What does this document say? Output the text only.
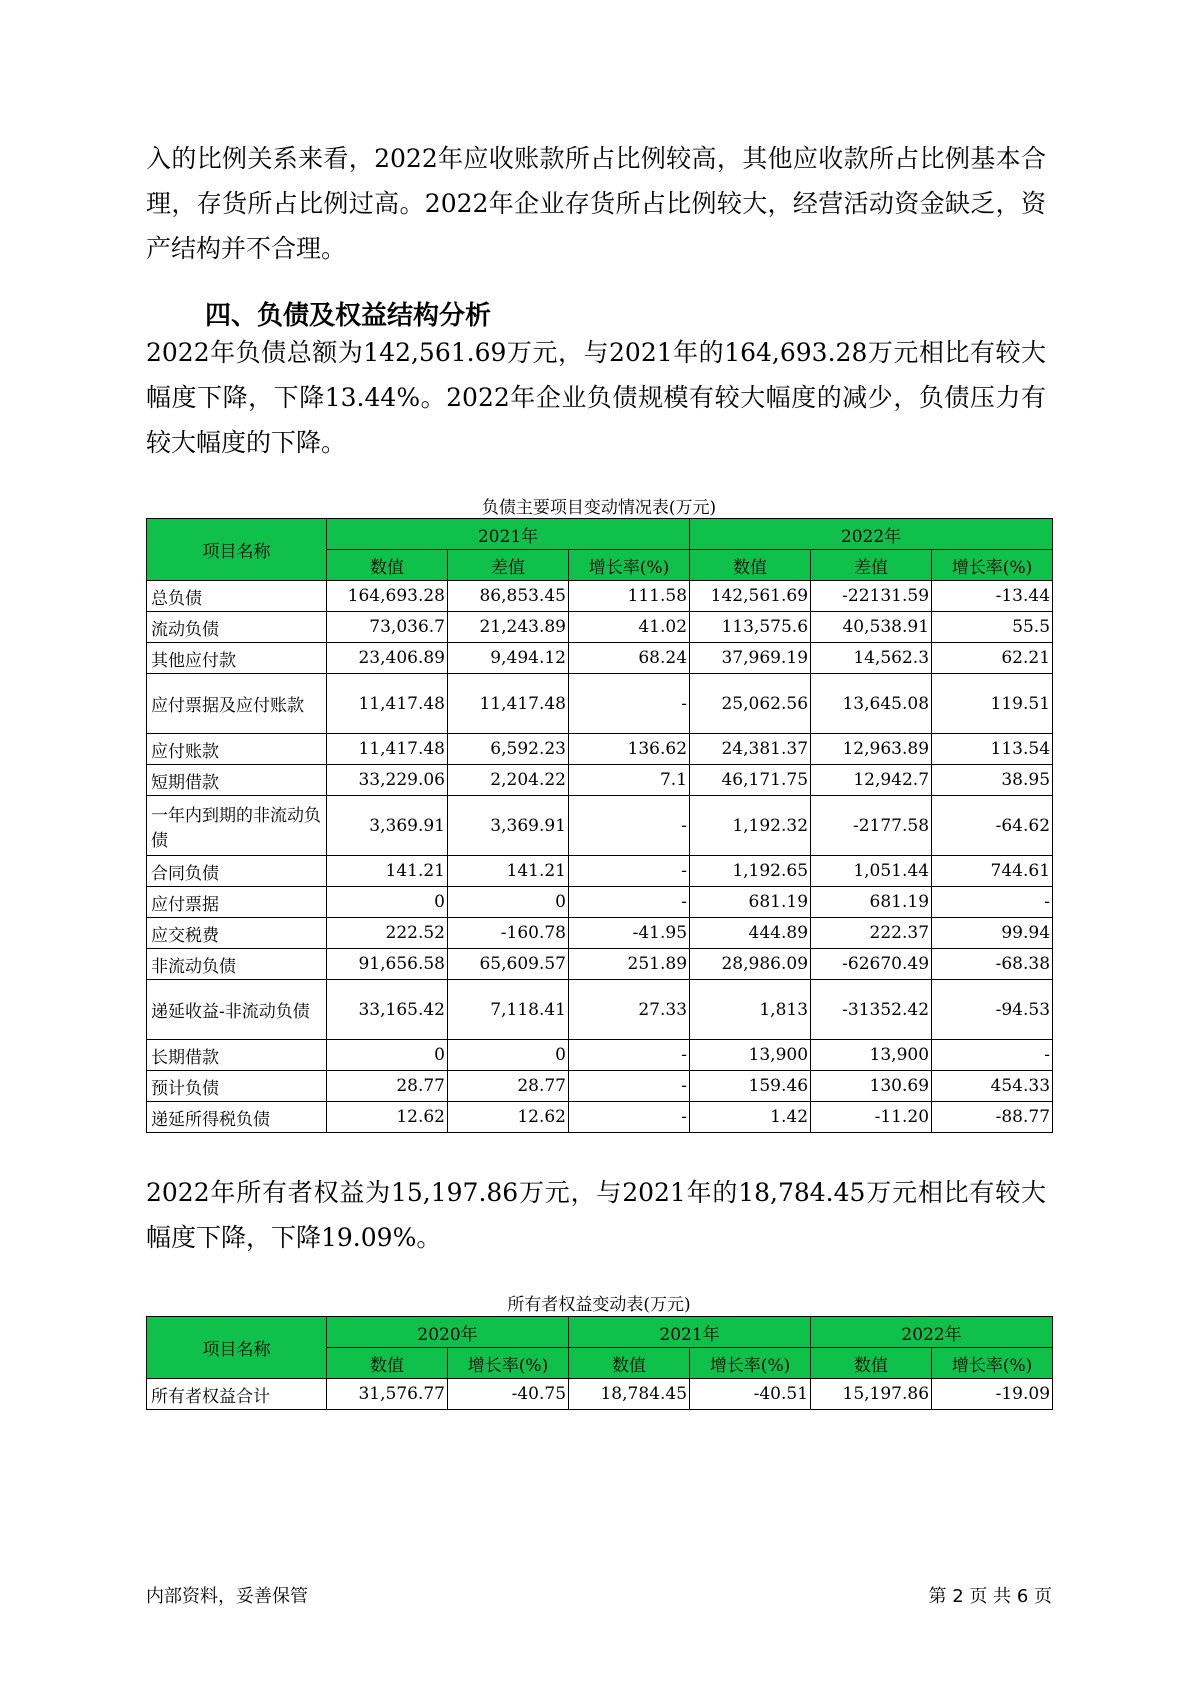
入的比例关系来看，2022年应收账款所占比例较高，其他应收款所占比例基本合理，存货所占比例过高。2022年企业存货所占比例较大，经营活动资金缺乏，资产结构并不合理。

四、负债及权益结构分析

2022年负债总额为142,561.69万元，与2021年的164,693.28万元相比有较大幅度下降，下降13.44%。2022年企业负债规模有较大幅度的减少，负债压力有较大幅度的下降。

负债主要项目变动情况表(万元)
项目名称	2021年			2022年		
	数值	差值	增长率(%)	数值	差值	增长率(%)
总负债	164,693.28	86,853.45	111.58	142,561.69	-22131.59	-13.44
流动负债	73,036.7	21,243.89	41.02	113,575.6	40,538.91	55.5
其他应付款	23,406.89	9,494.12	68.24	37,969.19	14,562.3	62.21
应付票据及应付账款	11,417.48	11,417.48	-	25,062.56	13,645.08	119.51
应付账款	11,417.48	6,592.23	136.62	24,381.37	12,963.89	113.54
短期借款	33,229.06	2,204.22	7.1	46,171.75	12,942.7	38.95
一年内到期的非流动负债	3,369.91	3,369.91	-	1,192.32	-2177.58	-64.62
合同负债	141.21	141.21	-	1,192.65	1,051.44	744.61
应付票据	0	0	-	681.19	681.19	-
应交税费	222.52	-160.78	-41.95	444.89	222.37	99.94
非流动负债	91,656.58	65,609.57	251.89	28,986.09	-62670.49	-68.38
递延收益-非流动负债	33,165.42	7,118.41	27.33	1,813	-31352.42	-94.53
长期借款	0	0	-	13,900	13,900	-
预计负债	28.77	28.77	-	159.46	130.69	454.33
递延所得税负债	12.62	12.62	-	1.42	-11.20	-88.77

2022年所有者权益为15,197.86万元，与2021年的18,784.45万元相比有较大幅度下降，下降19.09%。

所有者权益变动表(万元)
项目名称	2020年		2021年		2022年	
	数值	增长率(%)	数值	增长率(%)	数值	增长率(%)
所有者权益合计	31,576.77	-40.75	18,784.45	-40.51	15,197.86	-19.09
内部资料，妥善保管	第 2 页 共 6 页
